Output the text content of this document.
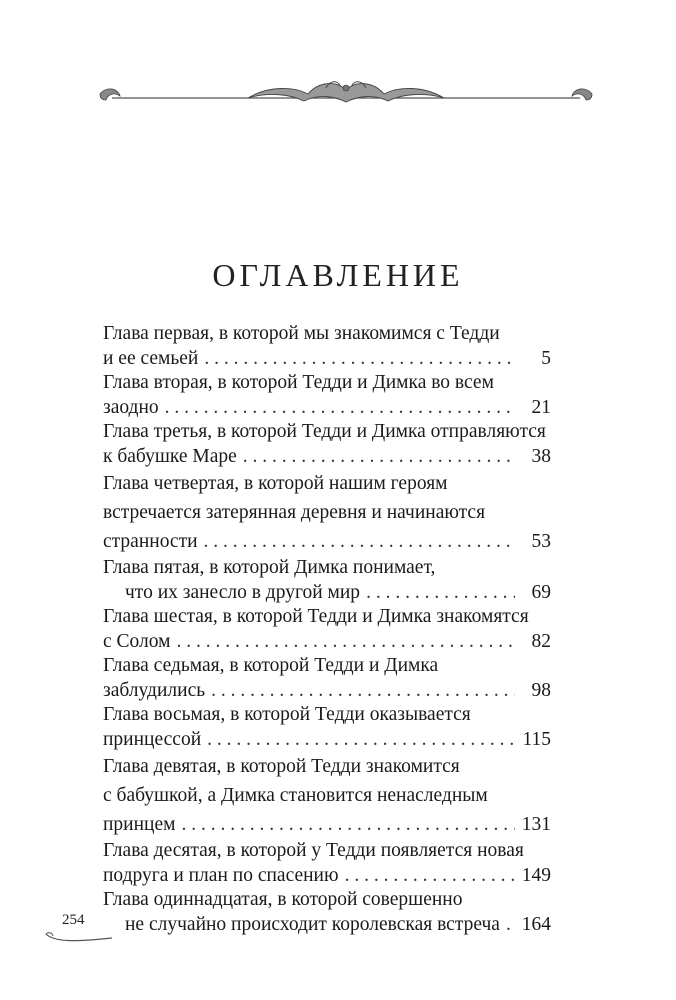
ОГЛАВЛЕНИЕ
Глава первая, в которой мы знакомимся с Тедди
и ее семьей . . .	5
Глава вторая, в которой Тедди и Димка во всем
заодно . . .	21
Глава третья, в которой Тедди и Димка отправляются
к бабушке Маре . . .	38
Глава четвертая, в которой нашим героям
встречается затерянная деревня и начинаются
странности . . .	53
Глава пятая, в которой Димка понимает,
что их занесло в другой мир . . .	69
Глава шестая, в которой Тедди и Димка знакомятся
с Солом . . .	82
Глава седьмая, в которой Тедди и Димка
заблудились . . .	98
Глава восьмая, в которой Тедди оказывается
принцессой . . .	115
Глава девятая, в которой Тедди знакомится
с бабушкой, а Димка становится ненаследным
принцем . . .	131
Глава десятая, в которой у Тедди появляется новая
подруга и план по спасению . . .	149
Глава одиннадцатая, в которой совершенно
не случайно происходит королевская встреча . . . 164
254
